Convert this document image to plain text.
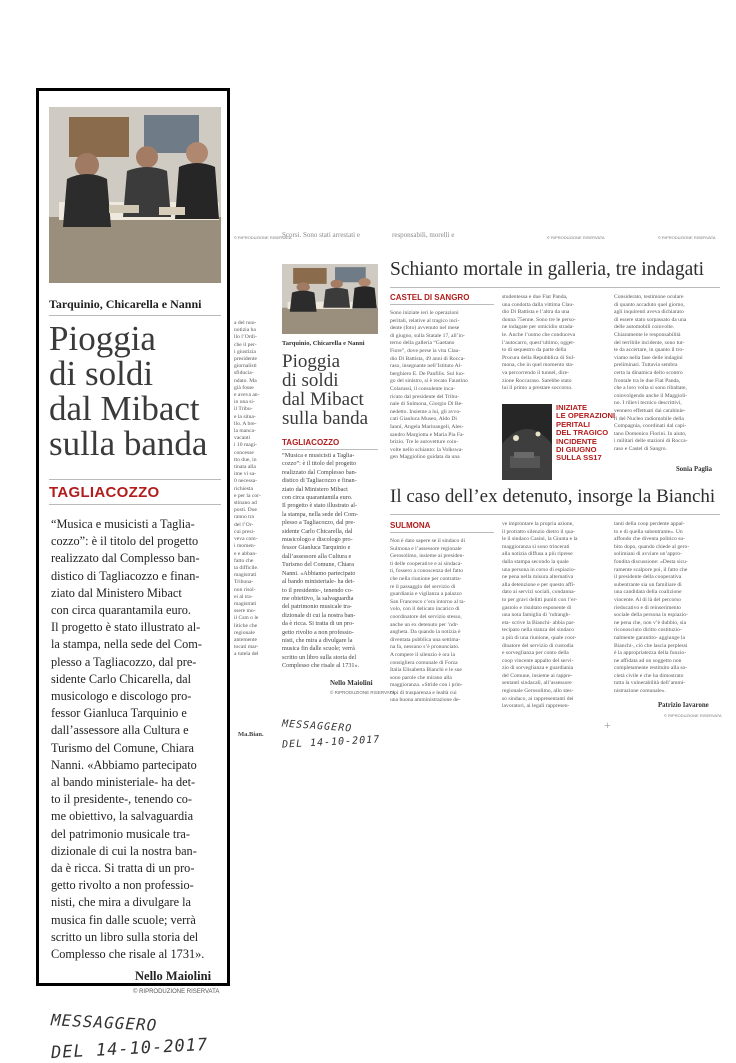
Tarquinio, Chicarella e Nanni
Pioggia
di soldi
dal Mibact
sulla banda
TAGLIACOZZO
“Musica e musicisti a Taglia-
cozzo”: è il titolo del progetto
realizzato dal Complesso ban-
distico di Tagliacozzo e finan-
ziato dal Ministero Mibact
con circa quarantamila euro.
Il progetto è stato illustrato al-
la stampa, nella sede del Com-
plesso a Tagliacozzo, dal pre-
sidente Carlo Chicarella, dal
musicologo e discologo pro-
fessor Gianluca Tarquinio e
dall’assessore alla Cultura e
Turismo del Comune, Chiara
Nanni. «Abbiamo partecipato
al bando ministeriale- ha det-
to il presidente-, tenendo co-
me obiettivo, la salvaguardia
del patrimonio musicale tra-
dizionale di cui la nostra ban-
da è ricca. Si tratta di un pro-
getto rivolto a non professio-
nisti, che mira a divulgare la
musica fin dalle scuole; verrà
scritto un libro sulla storia del
Complesso che risale al 1731».
Nello Maiolini
© RIPRODUZIONE RISERVATA
MESSAGGERO
DEL 14-10-2017
© RIPRODUZIONE RISERVATA
a del nuo-
notizia ha
llo l’Ordi-
che il per-
i giustizia
presidente
giornalisti
sfiducia-
ndato. Ma
già fosse
e aveva an-
in una si-
il Tribu-
e la situa-
llo. A bre-
la manca-
vacanti
i 10 magi-
concesse
tto due, in
tinata alla
ime vi sa-
0 necessa-
richiesta
e per la cor-
stinano ad
posti. Due
ranno tra
del l’Or-
cui presi-
veva com-
i momen-
e e abban-
fatto che
ta difficile.
magistrati
Tribuna-
non risol-
ei al tra-
magistrati
ssere mo-
il Csm o le
litiche che
regionale
antemente
tocati mar-
a tutela del
Ma.Bian.
Scorsi. Sono stati arrestati e
Tarquinio, Chicarella e Nanni
Pioggia
di soldi
dal Mibact
sulla banda
TAGLIACOZZO
“Musica e musicisti a Taglia-
cozzo”: è il titolo del progetto
realizzato dal Complesso ban-
distico di Tagliacozzo e finan-
ziato dal Ministero Mibact
con circa quarantamila euro.
Il progetto è stato illustrato al-
la stampa, nella sede del Com-
plesso a Tagliacozzo, dal pre-
sidente Carlo Chicarella, dal
musicologo e discologo pro-
fessor Gianluca Tarquinio e
dall’assessore alla Cultura e
Turismo del Comune, Chiara
Nanni. «Abbiamo partecipato
al bando ministeriale- ha det-
to il presidente-, tenendo co-
me obiettivo, la salvaguardia
del patrimonio musicale tra-
dizionale di cui la nostra ban-
da è ricca. Si tratta di un pro-
getto rivolto a non professio-
nisti, che mira a divulgare la
musica fin dalle scuole; verrà
scritto un libro sulla storia del
Complesso che risale al 1731».
Nello Maiolini
© RIPRODUZIONE RISERVATA
MESSAGGERO
DEL 14-10-2017
responsabili, morelli e	© RIPRODUZIONE RISERVATA	© RIPRODUZIONE RISERVATA
Schianto mortale in galleria, tre indagati
CASTEL DI SANGRO
Sono iniziate ieri le operazioni
peritali, relative al tragico inci-
dente (foto) avvenuto nel mese
di giugno, sulla Statale 17, all’in-
terno della galleria “Gaetano
Fiore”, dove perse la vita Clau-
dio Di Battista, 49 anni di Rocca-
raso, insegnante nell’Istituto Al-
berghiero E. De Panfilis. Sul luo-
go del sinistro, si è recato Faustino
Colarussi, il consulente inca-
ricato dal presidente del Tribu-
nale di Sulmona, Giorgio Di Be-
nedetto. Insieme a lui, gli avvo-
cati Gianluca Museo, Aldo Di
Ianni, Angela Marinangeli, Ales-
sandro Margiotta e Maria Pia Fa-
brizio. Tre le autovetture coin-
volte nello schianto: la Volkswa-
gen Maggiolino guidata da una
studentessa e due Fiat Panda,
una condotta dalla vittima Clau-
dio Di Battista e l’altra da una
donna 75enne. Sono tre le perso-
ne indagate per omicidio strada-
le. Anche l’uomo che conduceva
l’autocarro, quest’ultimo, ogget-
to di sequestro da parte della
Procura della Repubblica di Sul-
mona, che in quel momento sta-
va percorrendo il tunnel, dire-
zione Roccaraso. Sarebbe stato
lui il primo a prestare soccorso.
INIZIATE
LE OPERAZIONI
PERITALI
DEL TRAGICO
INCIDENTE
DI GIUGNO
SULLA SS17
Considerato, testimone oculare
di quanto accaduto quel giorno,
agli inquirenti aveva dichiarato
di essere stato sorpassato da una
delle automobili coinvolte.
Chiaramente le responsabilità
del terribile incidente, sono tut-
te da accertare, in quanto il tro-
viamo nella fase delle indagini
preliminari. Tuttavia sembra
certa la dinamica dello scontro
frontale tra le due Fiat Panda,
che a loro volta si sono ribaltate,
coinvolgendo anche il Maggioli-
no. I rilievi tecnico descrittivi,
vennero effettuati dai carabinie-
ri del Nucleo radiomobile della
Compagnia, coordinati dal capi-
tano Domenico Florini. In aiuto,
i militari delle stazioni di Rocca-
raso e Castel di Sangro.
Sonia Paglia
Il caso dell’ex detenuto, insorge la Bianchi
SULMONA
Non è dato sapere se il sindaco di
Sulmona e l’assessore regionale
Gerosolimo, insieme ai presiden-
ti delle cooperative e ai sindaca-
ti, fossero a conoscenza del fatto
che nella riunione per contratta-
re il passaggio del servizio di
guardiania e vigilanza a palazzo
San Francesco c’era intorno al ta-
volo, con il delicato incarico di
coordinatore del servizio stesso,
anche un ex detenuto per ’ndr-
angheta. Da quando la notizia è
diventata pubblica una settima-
na fa, nessuno s’è pronunciato.
A rompere il silenzio è ora la
consigliera comunale di Forza
Italia Elisabetta Bianchi e le sue
sono parole che mirano alla
maggioranza. «Stride con i prin-
cipi di trasparenza e lealtà cui
una buona amministrazione de-
ve improntare la propria azione,
il protratto silenzio dietro il qua-
le il sindaco Casini, la Giunta e la
maggioranza si sono trincerati
alla notizia diffusa a più riprese
dalla stampa secondo la quale
una persona in corso di espiazio-
ne pena nella misura alternativa
alla detenzione e per questo affi-
dato ai servizi sociali, condanna-
to per gravi delitti puniti con l’er-
gastolo e risultato esponente di
una nota famiglia di ’ndrangh-
eta- scrive la Bianchi- abbia par-
tecipato nella stanza del sindaco
a più di una riunione, quale coor-
dinatore del servizio di custodia
e sorveglianza per conto della
coop vincente appalto del servi-
zio di sorveglianza e guardiania
del Comune, insieme ai rappre-
sentanti sindacali, all’assessore
regionale Gerosolimo, allo stes-
so sindaco, ai rappresentanti dei
lavoratori, ai legali rappresen-
tanti della coop perdente appal-
to e di quella subentrante». Un
affondo che diventa politico su-
bito dopo, quando chiede al gero-
solimiani di avviare un’appro-
fondita discussione: «Desta sicu-
ramente scalpore poi, il fatto che
il presidente della cooperativa
subentrante sia un familiare di
una candidata della coalizione
vincente. Al di là del percorso
rieducativo e di reinserimento
sociale della persona in espiazio-
ne pena che, non v’è dubbio, sia
riconosciuto diritto costituzio-
nalmente garantito- aggiunge la
Bianchi-, ciò che lascia perplessi
è la appropriatezza della funzio-
ne affidata ad un soggetto non
completamente restituito alla so-
cietà civile e che ha dimostrato
tutta la vulnerabilità dell’ammi-
nistrazione comunale».
Patrizio Iavarone
© RIPRODUZIONE RISERVATA
+
